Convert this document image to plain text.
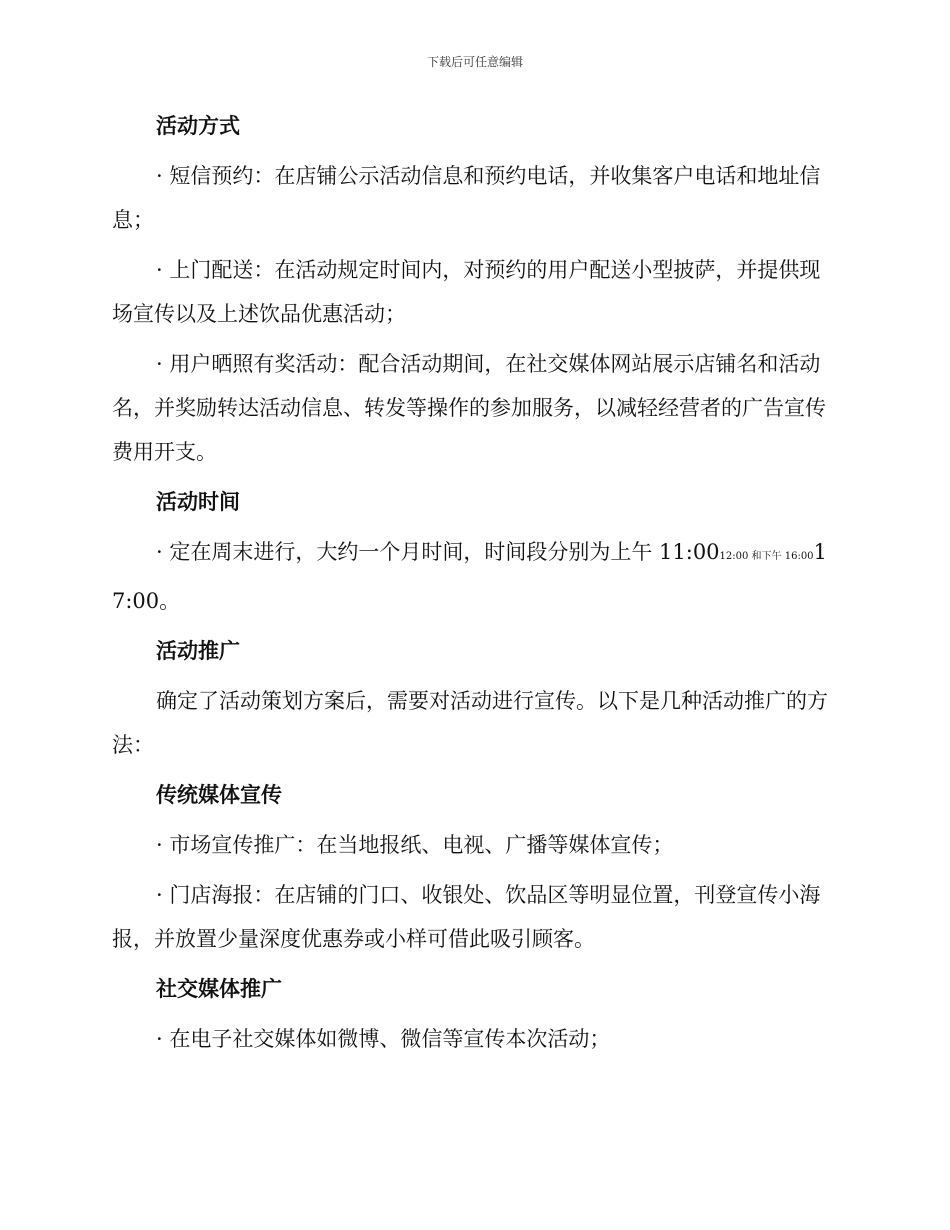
下载后可任意编辑
活动方式

· 短信预约：在店铺公示活动信息和预约电话，并收集客户电话和地址信息；

· 上门配送：在活动规定时间内，对预约的用户配送小型披萨，并提供现场宣传以及上述饮品优惠活动；

· 用户晒照有奖活动：配合活动期间，在社交媒体网站展示店铺名和活动名，并奖励转达活动信息、转发等操作的参加服务，以减轻经营者的广告宣传费用开支。

活动时间

· 定在周末进行，大约一个月时间，时间段分别为上午 11:0012:00 和下午 16:0017:00。

活动推广

确定了活动策划方案后，需要对活动进行宣传。以下是几种活动推广的方法：

传统媒体宣传

· 市场宣传推广：在当地报纸、电视、广播等媒体宣传；

· 门店海报：在店铺的门口、收银处、饮品区等明显位置，刊登宣传小海报，并放置少量深度优惠券或小样可借此吸引顾客。

社交媒体推广

· 在电子社交媒体如微博、微信等宣传本次活动；
